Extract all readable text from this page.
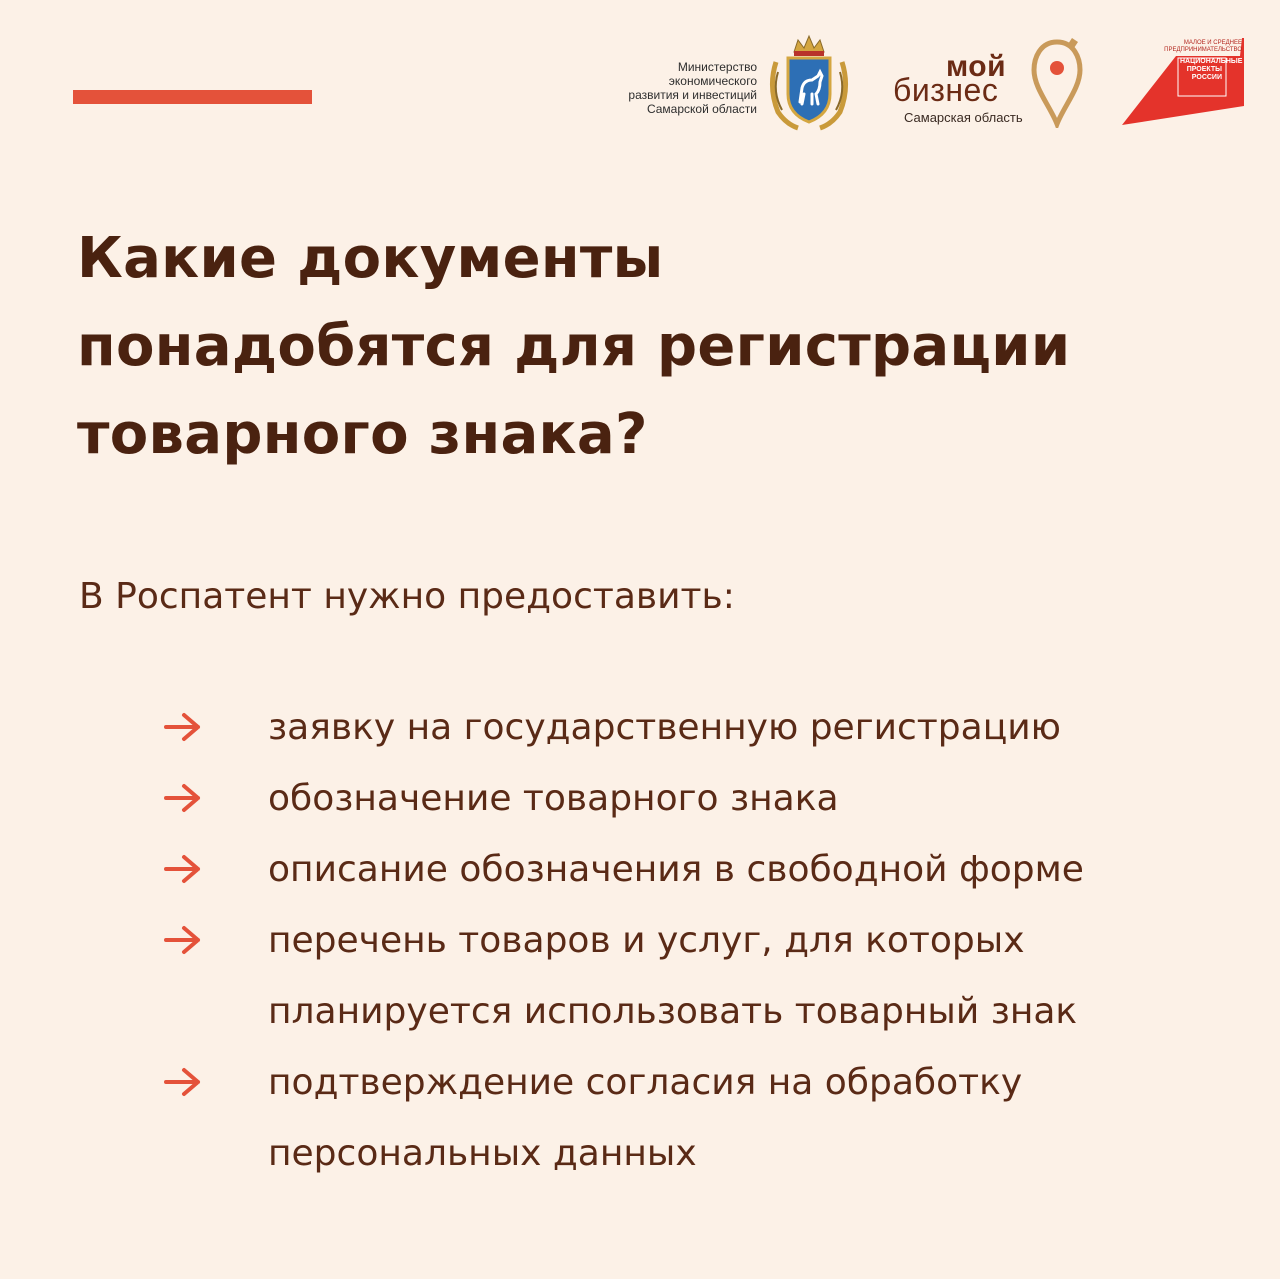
Министерство
экономического
развития и инвестиций
Самарской области
мой
бизнес
Самарская область
МАЛОЕ И СРЕДНЕЕ
ПРЕДПРИНИМАТЕЛЬСТВО
НАЦИОНАЛЬНЫЕ
ПРОЕКТЫ
РОССИИ
Какие документы
понадобятся для регистрации
товарного знака?

В Роспатент нужно предоставить:

заявку на государственную регистрацию
обозначение товарного знака
описание обозначения в свободной форме
перечень товаров и услуг, для которых
планируется использовать товарный знак
подтверждение согласия на обработку
персональных данных
